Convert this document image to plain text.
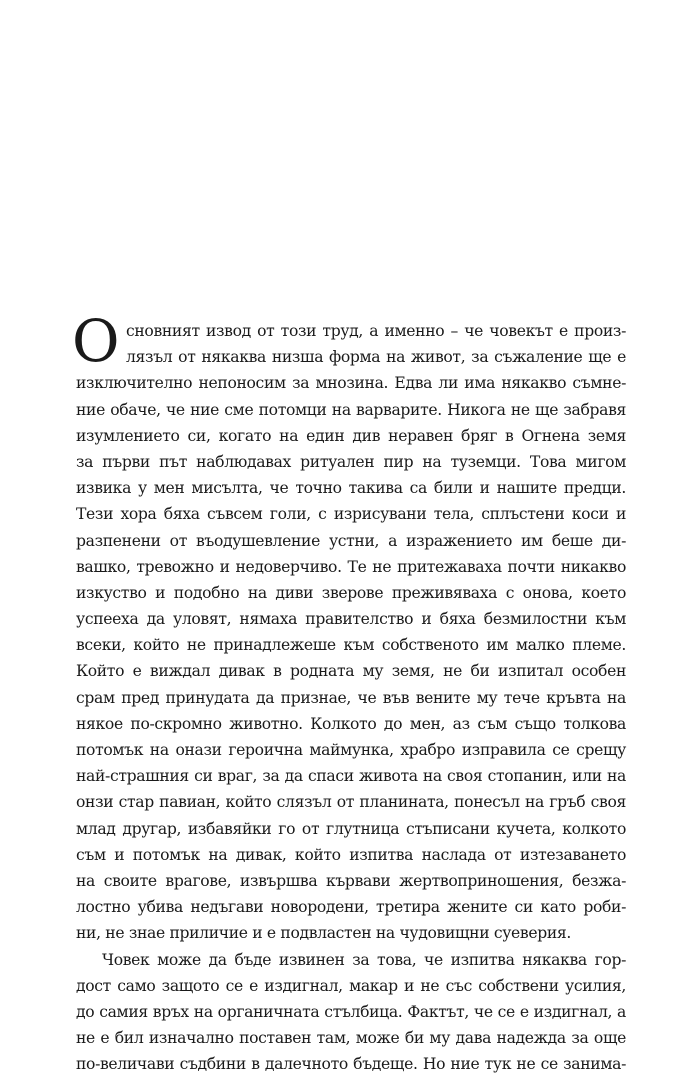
О сновният извод от този труд, а именно – че човекът е произ-
лязъл от някаква низша форма на живот, за съжаление ще е
изключително непоносим за мнозина. Едва ли има някакво съмне-
ние обаче, че ние сме потомци на варварите. Никога не ще забравя
изумлението си, когато на един див неравен бряг в Огнена земя
за първи път наблюдавах ритуален пир на туземци. Това мигом
извика у мен мисълта, че точно такива са били и нашите предци.
Тези хора бяха съвсем голи, с изрисувани тела, сплъстени коси и
разпенени от въодушевление устни, а изражението им беше ди-
вашко, тревожно и недоверчиво. Те не притежаваха почти никакво
изкуство и подобно на диви зверове преживяваха с онова, което
успееха да уловят, нямаха правителство и бяха безмилостни към
всеки, който не принадлежеше към собственото им малко племе.
Който е виждал дивак в родната му земя, не би изпитал особен
срам пред принудата да признае, че във вените му тече кръвта на
някое по-скромно животно. Колкото до мен, аз съм също толкова
потомък на онази героична маймунка, храбро изправила се срещу
най-страшния си враг, за да спаси живота на своя стопанин, или на
онзи стар павиан, който слязъл от планината, понесъл на гръб своя
млад другар, избавяйки го от глутница стъписани кучета, колкото
съм и потомък на дивак, който изпитва наслада от изтезаването
на своите врагове, извършва кървави жертвоприношения, безжа-
лостно убива недъгави новородени, третира жените си като роби-
ни, не знае приличие и е подвластен на чудовищни суеверия.
Човек може да бъде извинен за това, че изпитва някаква гор-
дост само защото се е издигнал, макар и не със собствени усилия,
до самия връх на органичната стълбица. Фактът, че се е издигнал, а
не е бил изначално поставен там, може би му дава надежда за още
по-величави съдбини в далечното бъдеще. Но ние тук не се занима-
